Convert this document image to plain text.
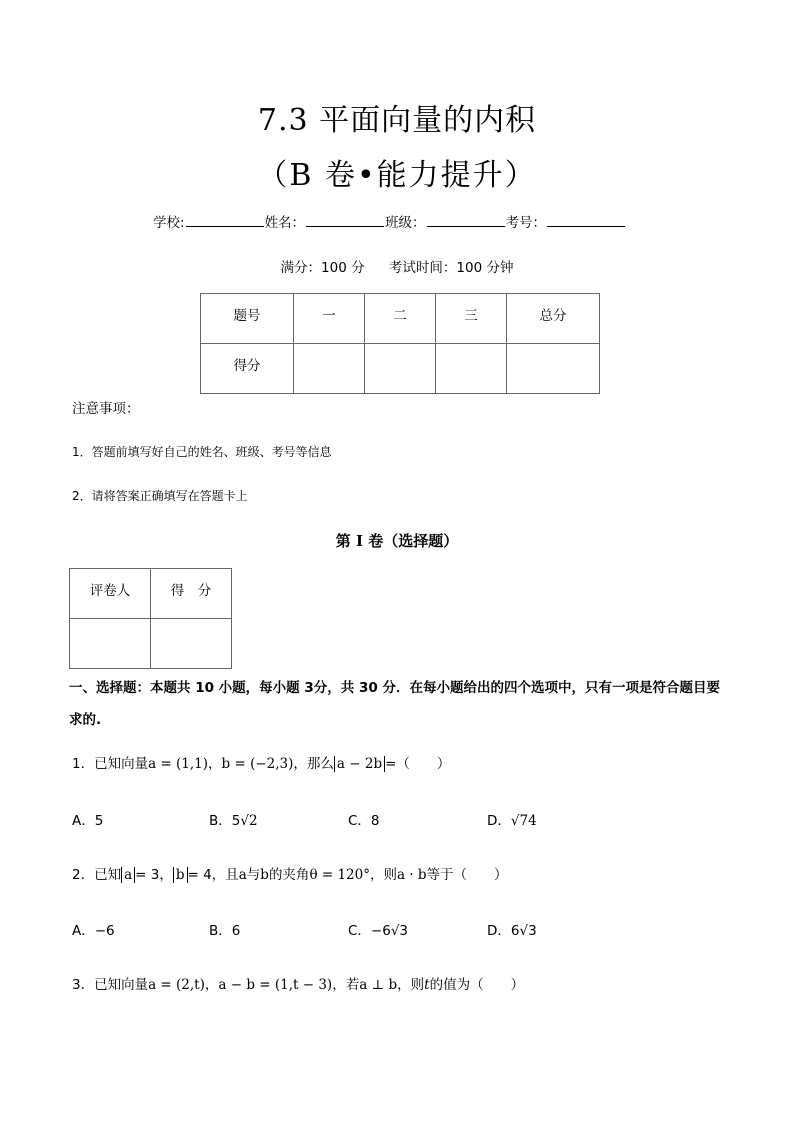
7.3 平面向量的内积
（B 卷•能力提升）
学校:	姓名：	班级：	考号：
满分：100 分 考试时间：100 分钟
题号	一	二	三	总分
得分				
注意事项：
1．答题前填写好自己的姓名、班级、考号等信息
2．请将答案正确填写在答题卡上
第 I 卷（选择题）
评卷人	得　分

一、选择题：本题共 10 小题，每小题 3分，共 30 分．在每小题给出的四个选项中，只有一项是符合题目要求的.
1．已知向量a = (1,1)，b = (−2,3)，那么 a − 2b =（　　）
A．5	B．5√2	C．8	D．√74
2．已知 a = 3， b = 4，且a与b的夹角θ = 120°，则a · b等于（　　）
A．−6	B．6	C．−6√3	D．6√3
3．已知向量a = (2,t)，a − b = (1,t − 3)，若a ⊥ b，则t的值为（　　）
